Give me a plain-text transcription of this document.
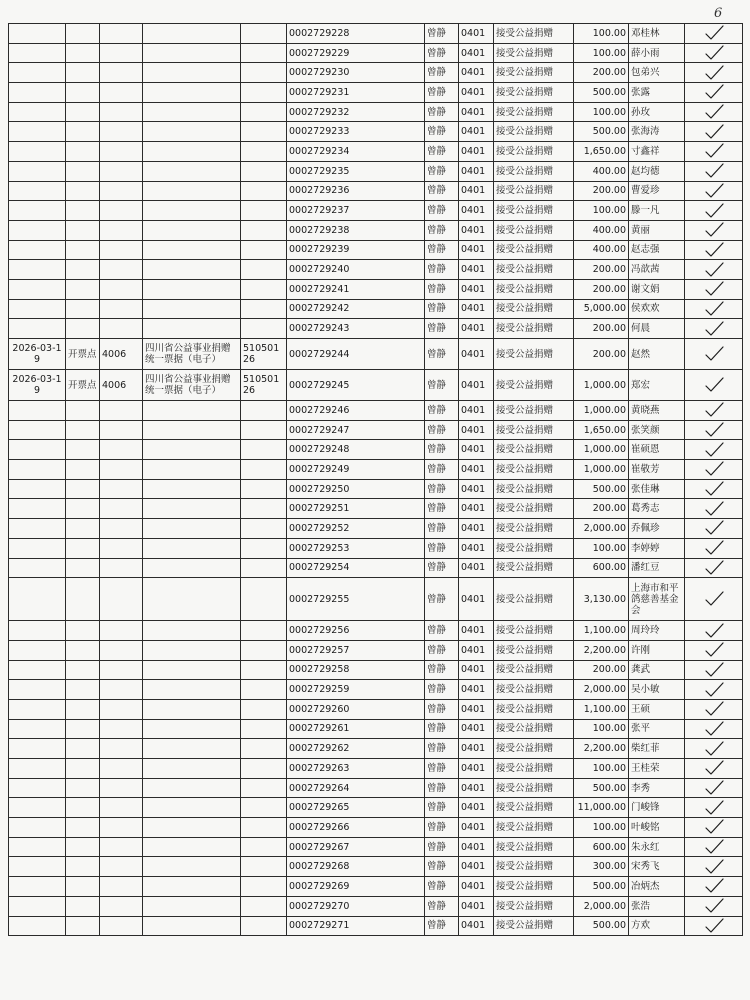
6
					0002729228	曾静	0401	接受公益捐赠	100.00	邓桂林	
					0002729229	曾静	0401	接受公益捐赠	100.00	薛小雨	
					0002729230	曾静	0401	接受公益捐赠	200.00	包弟兴	
					0002729231	曾静	0401	接受公益捐赠	500.00	张露	
					0002729232	曾静	0401	接受公益捐赠	100.00	孙玫	
					0002729233	曾静	0401	接受公益捐赠	500.00	张海涛	
					0002729234	曾静	0401	接受公益捐赠	1,650.00	寸鑫祥	
					0002729235	曾静	0401	接受公益捐赠	400.00	赵均德	
					0002729236	曾静	0401	接受公益捐赠	200.00	曹爱珍	
					0002729237	曾静	0401	接受公益捐赠	100.00	滕一凡	
					0002729238	曾静	0401	接受公益捐赠	400.00	黄丽	
					0002729239	曾静	0401	接受公益捐赠	400.00	赵志强	
					0002729240	曾静	0401	接受公益捐赠	200.00	冯歆茜	
					0002729241	曾静	0401	接受公益捐赠	200.00	谢文娟	
					0002729242	曾静	0401	接受公益捐赠	5,000.00	侯欢欢	
					0002729243	曾静	0401	接受公益捐赠	200.00	何晨	
2026-03-19	开票点	4006	四川省公益事业捐赠统一票据（电子）	51050126	0002729244	曾静	0401	接受公益捐赠	200.00	赵然	
2026-03-19	开票点	4006	四川省公益事业捐赠统一票据（电子）	51050126	0002729245	曾静	0401	接受公益捐赠	1,000.00	郑宏	
					0002729246	曾静	0401	接受公益捐赠	1,000.00	黄晓燕	
					0002729247	曾静	0401	接受公益捐赠	1,650.00	张笑颜	
					0002729248	曾静	0401	接受公益捐赠	1,000.00	崔硕恩	
					0002729249	曾静	0401	接受公益捐赠	1,000.00	崔敬芳	
					0002729250	曾静	0401	接受公益捐赠	500.00	张佳琳	
					0002729251	曾静	0401	接受公益捐赠	200.00	葛秀志	
					0002729252	曾静	0401	接受公益捐赠	2,000.00	乔佩珍	
					0002729253	曾静	0401	接受公益捐赠	100.00	李婷婷	
					0002729254	曾静	0401	接受公益捐赠	600.00	潘红豆	
					0002729255	曾静	0401	接受公益捐赠	3,130.00	上海市和平鸽慈善基金会	
					0002729256	曾静	0401	接受公益捐赠	1,100.00	周玲玲	
					0002729257	曾静	0401	接受公益捐赠	2,200.00	许刚	
					0002729258	曾静	0401	接受公益捐赠	200.00	龚武	
					0002729259	曾静	0401	接受公益捐赠	2,000.00	吴小敏	
					0002729260	曾静	0401	接受公益捐赠	1,100.00	王硕	
					0002729261	曾静	0401	接受公益捐赠	100.00	张平	
					0002729262	曾静	0401	接受公益捐赠	2,200.00	柴红菲	
					0002729263	曾静	0401	接受公益捐赠	100.00	王桂荣	
					0002729264	曾静	0401	接受公益捐赠	500.00	李秀	
					0002729265	曾静	0401	接受公益捐赠	11,000.00	门峻锋	
					0002729266	曾静	0401	接受公益捐赠	100.00	叶峻铭	
					0002729267	曾静	0401	接受公益捐赠	600.00	朱永红	
					0002729268	曾静	0401	接受公益捐赠	300.00	宋秀飞	
					0002729269	曾静	0401	接受公益捐赠	500.00	冶炳杰	
					0002729270	曾静	0401	接受公益捐赠	2,000.00	张浩	
					0002729271	曾静	0401	接受公益捐赠	500.00	方欢	
